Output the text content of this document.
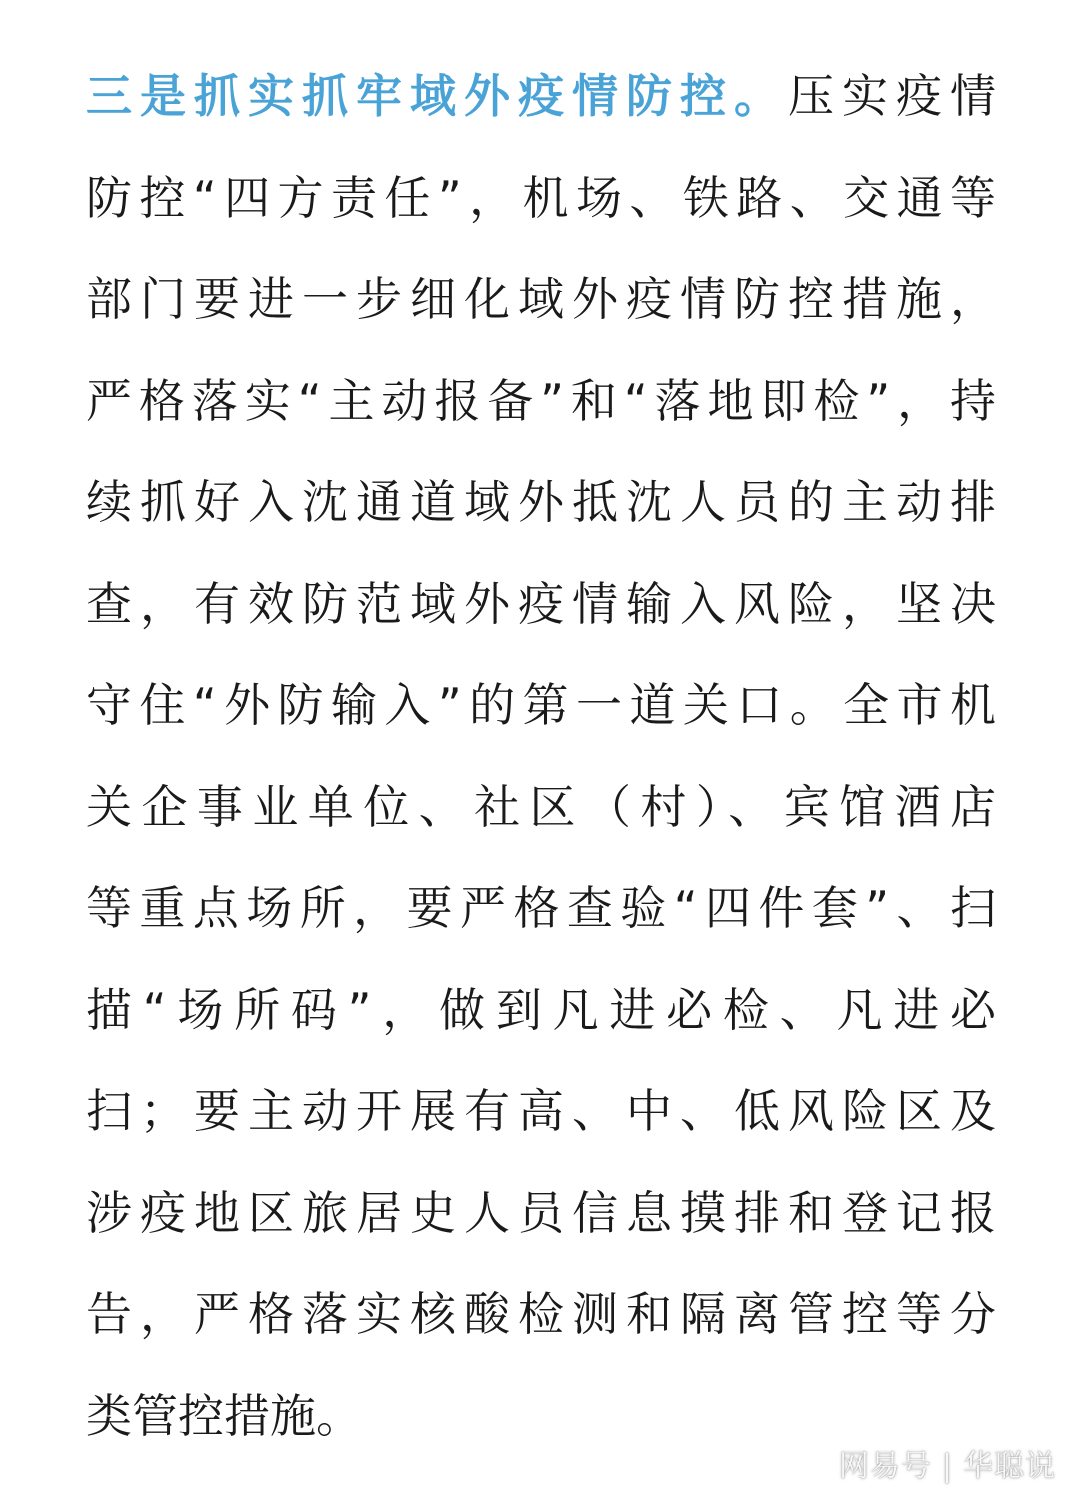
三是抓实抓牢域外疫情防控。压实疫情
防控“四方责任”，机场、铁路、交通等
部门要进一步细化域外疫情防控措施，
严格落实“主动报备”和“落地即检”，持
续抓好入沈通道域外抵沈人员的主动排
查，有效防范域外疫情输入风险，坚决
守住“外防输入”的第一道关口。全市机
关企事业单位、社区（村）、宾馆酒店
等重点场所，要严格查验“四件套”、扫
描“场所码”，做到凡进必检、凡进必
扫；要主动开展有高、中、低风险区及
涉疫地区旅居史人员信息摸排和登记报
告，严格落实核酸检测和隔离管控等分
类管控措施。
网易号 | 华聪说
